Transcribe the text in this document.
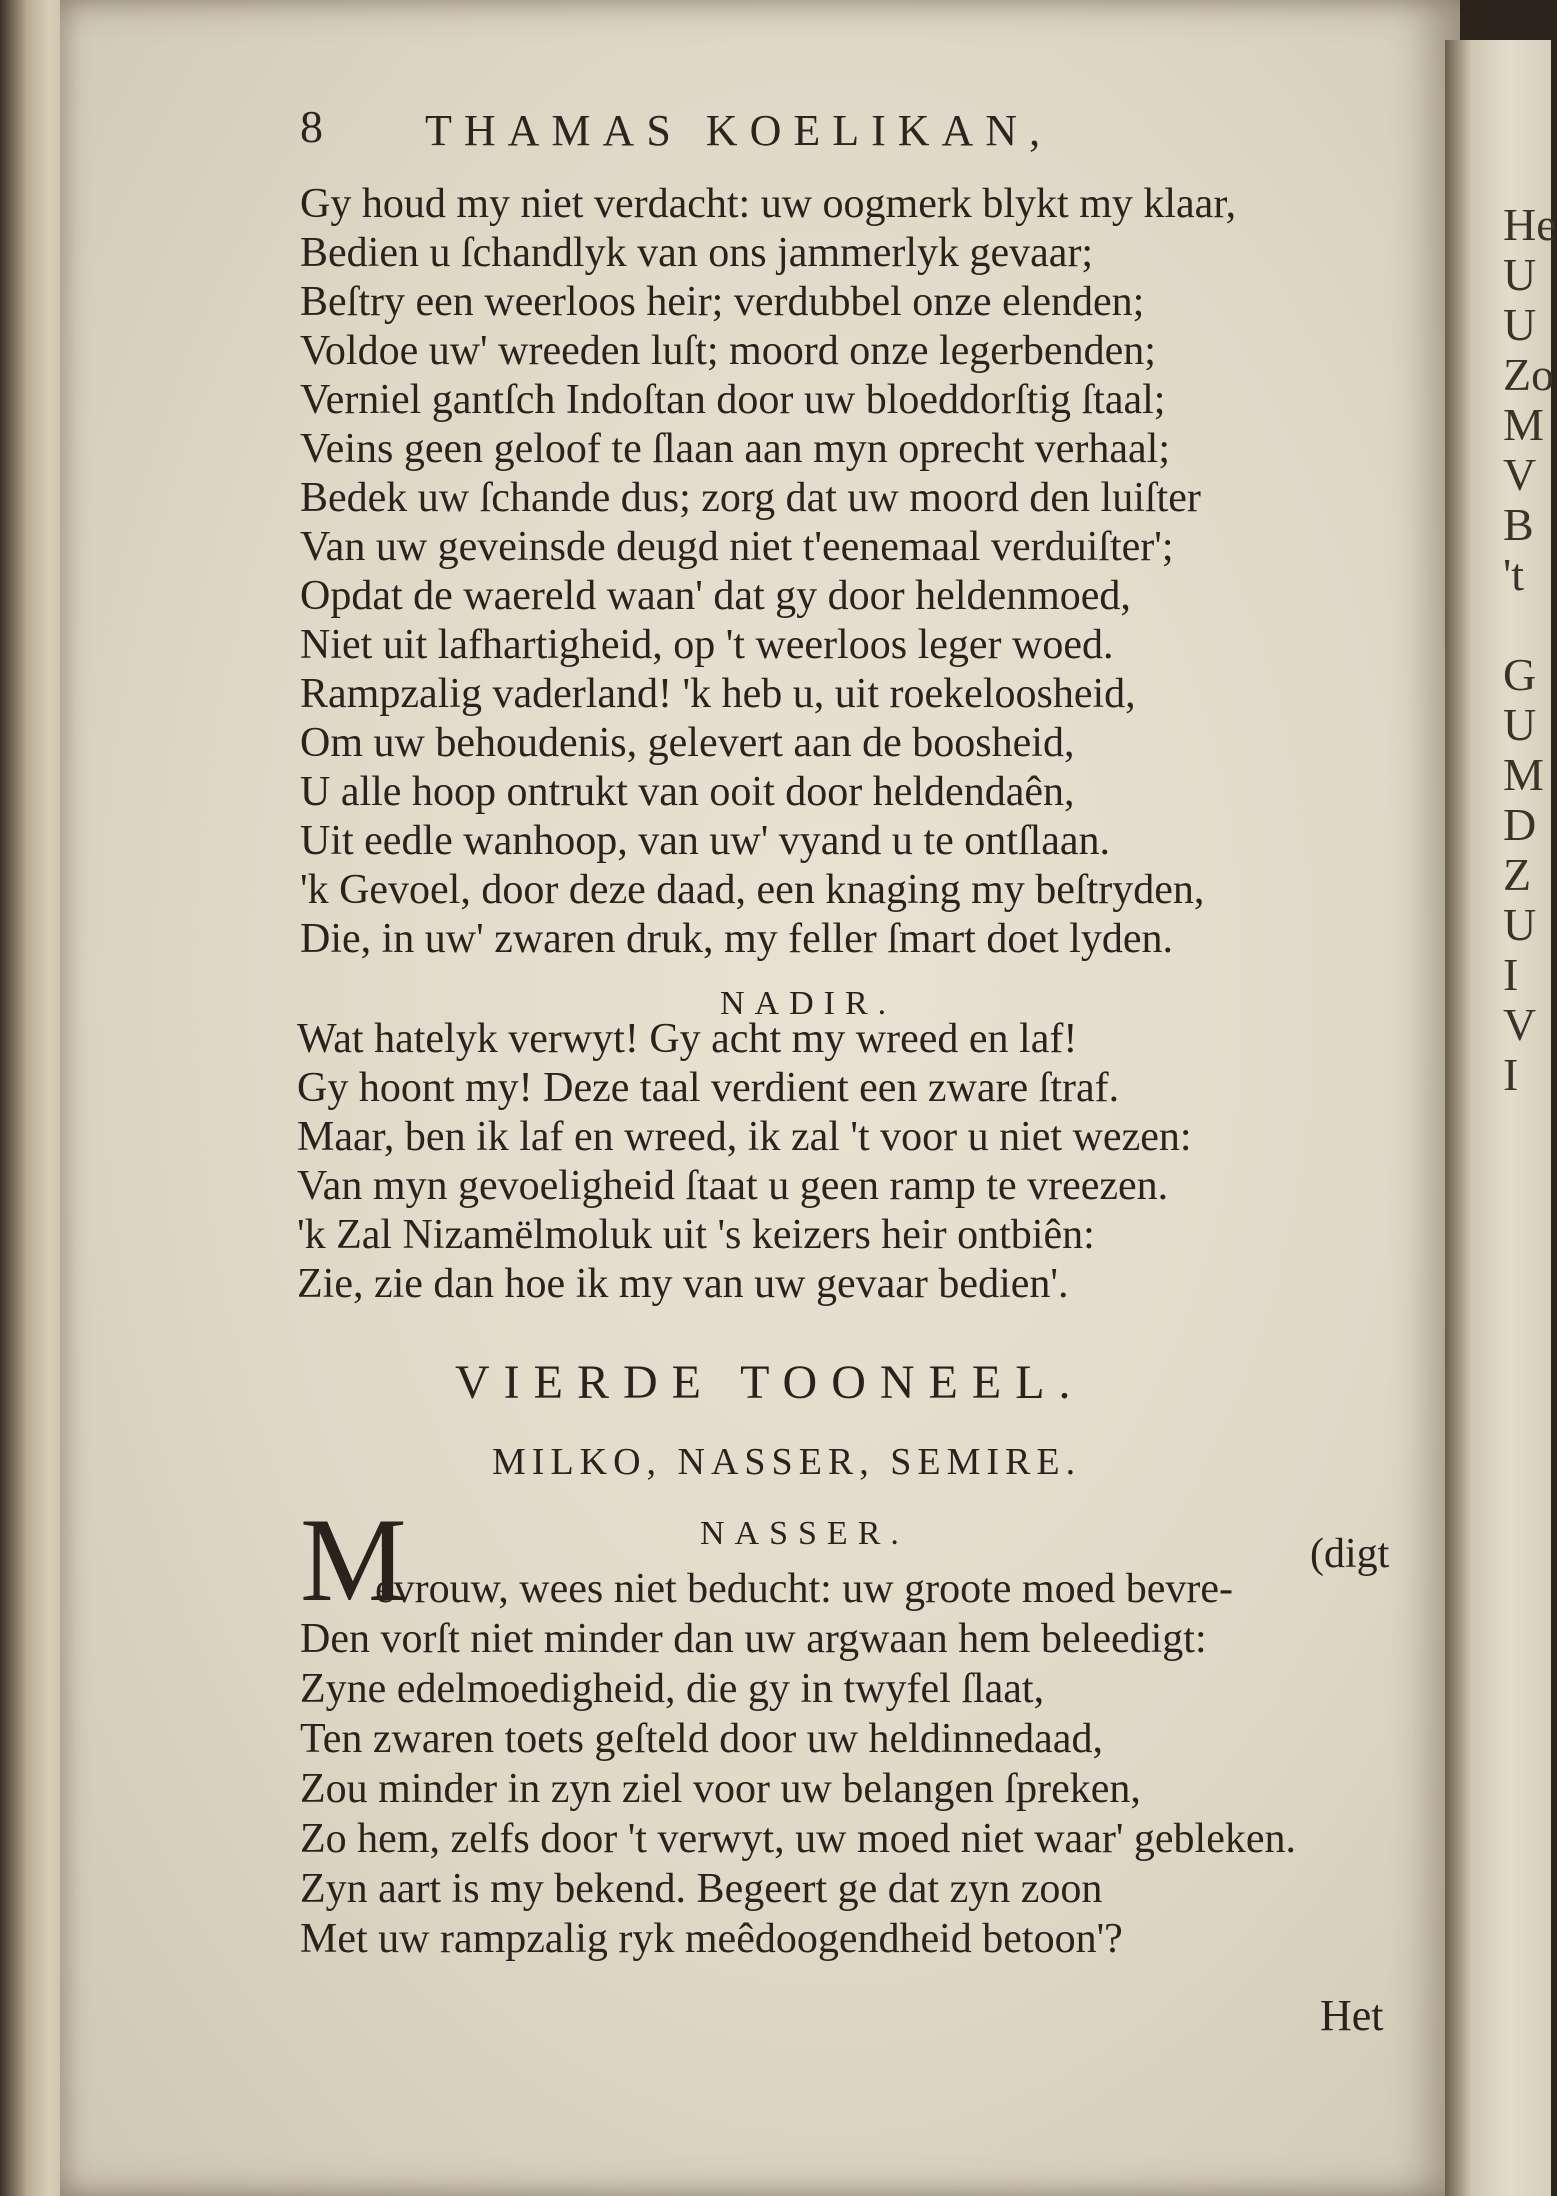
He
U
U
Zo
M
V
B
't

G
U
M
D
Z
U
I
V
I
8 THAMAS KOELIKAN,
Gy houd my niet verdacht: uw oogmerk blykt my klaar,
Bedien u ſchandlyk van ons jammerlyk gevaar;
Beſtry een weerloos heir; verdubbel onze elenden;
Voldoe uw' wreeden luſt; moord onze legerbenden;
Verniel gantſch Indoſtan door uw bloeddorſtig ſtaal;
Veins geen geloof te ſlaan aan myn oprecht verhaal;
Bedek uw ſchande dus; zorg dat uw moord den luiſter
Van uw geveinsde deugd niet t'eenemaal verduiſter';
Opdat de waereld waan' dat gy door heldenmoed,
Niet uit lafhartigheid, op 't weerloos leger woed.
Rampzalig vaderland! 'k heb u, uit roekeloosheid,
Om uw behoudenis, gelevert aan de boosheid,
U alle hoop ontrukt van ooit door heldendaên,
Uit eedle wanhoop, van uw' vyand u te ontſlaan.
'k Gevoel, door deze daad, een knaging my beſtryden,
Die, in uw' zwaren druk, my feller ſmart doet lyden.
NADIR.
Wat hatelyk verwyt! Gy acht my wreed en laf!
Gy hoont my! Deze taal verdient een zware ſtraf.
Maar, ben ik laf en wreed, ik zal 't voor u niet wezen:
Van myn gevoeligheid ſtaat u geen ramp te vreezen.
'k Zal Nizamëlmoluk uit 's keizers heir ontbiên:
Zie, zie dan hoe ik my van uw gevaar bedien'.
VIERDE TOONEEL.
MILKO, NASSER, SEMIRE.
NASSER.	(digt
M
evrouw, wees niet beducht: uw groote moed bevre-
Den vorſt niet minder dan uw argwaan hem beleedigt:
Zyne edelmoedigheid, die gy in twyfel ſlaat,
Ten zwaren toets geſteld door uw heldinnedaad,
Zou minder in zyn ziel voor uw belangen ſpreken,
Zo hem, zelfs door 't verwyt, uw moed niet waar' gebleken.
Zyn aart is my bekend. Begeert ge dat zyn zoon
Met uw rampzalig ryk meêdoogendheid betoon'?
Het
